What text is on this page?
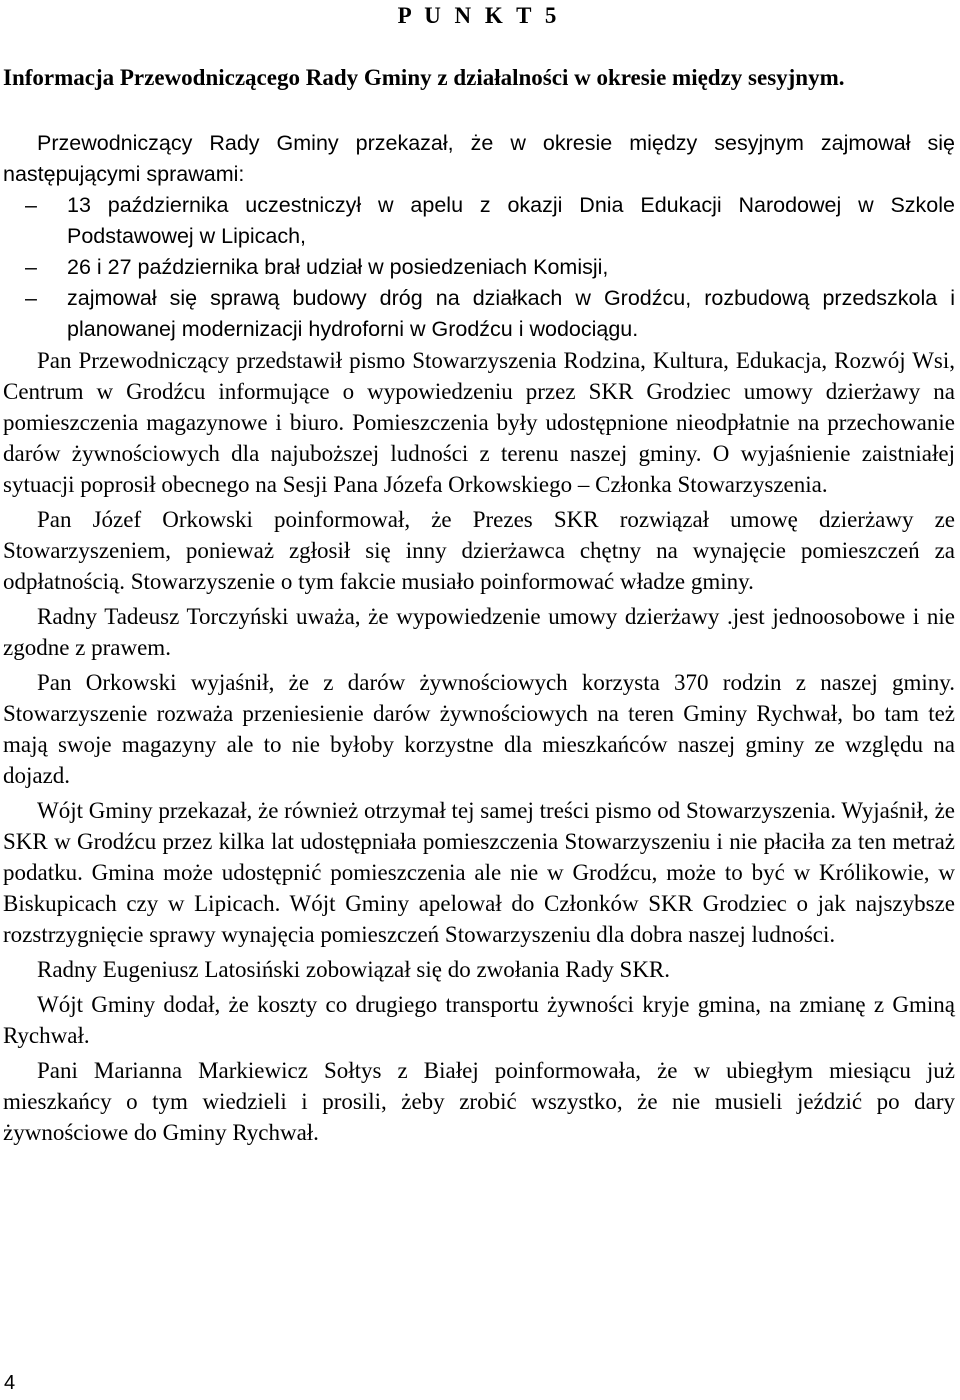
P U N K T 5
Informacja Przewodniczącego Rady Gminy z działalności w okresie między sesyjnym.

Przewodniczący Rady Gminy przekazał, że w okresie między sesyjnym zajmował się następującymi sprawami:

– 13 października uczestniczył w apelu z okazji Dnia Edukacji Narodowej w Szkole Podstawowej w Lipicach,
– 26 i 27 października brał udział w posiedzeniach Komisji,
– zajmował się sprawą budowy dróg na działkach w Grodźcu, rozbudową przedszkola i planowanej modernizacji hydroforni w Grodźcu i wodociągu.

Pan Przewodniczący przedstawił pismo Stowarzyszenia Rodzina, Kultura, Edukacja, Rozwój Wsi, Centrum w Grodźcu informujące o wypowiedzeniu przez SKR Grodziec umowy dzierżawy na pomieszczenia magazynowe i biuro. Pomieszczenia były udostępnione nieodpłatnie na przechowanie darów żywnościowych dla najuboższej ludności z terenu naszej gminy. O wyjaśnienie zaistniałej sytuacji poprosił obecnego na Sesji Pana Józefa Orkowskiego – Członka Stowarzyszenia.

Pan Józef Orkowski poinformował, że Prezes SKR rozwiązał umowę dzierżawy ze Stowarzyszeniem, ponieważ zgłosił się inny dzierżawca chętny na wynajęcie pomieszczeń za odpłatnością. Stowarzyszenie o tym fakcie musiało poinformować władze gminy.

Radny Tadeusz Torczyński uważa, że wypowiedzenie umowy dzierżawy .jest jednoosobowe i nie zgodne z prawem.

Pan Orkowski wyjaśnił, że z darów żywnościowych korzysta 370 rodzin z naszej gminy. Stowarzyszenie rozważa przeniesienie darów żywnościowych na teren Gminy Rychwał, bo tam też mają swoje magazyny ale to nie byłoby korzystne dla mieszkańców naszej gminy ze względu na dojazd.

Wójt Gminy przekazał, że również otrzymał tej samej treści pismo od Stowarzyszenia. Wyjaśnił, że SKR w Grodźcu przez kilka lat udostępniała pomieszczenia Stowarzyszeniu i nie płaciła za ten metraż podatku. Gmina może udostępnić pomieszczenia ale nie w Grodźcu, może to być w Królikowie, w Biskupicach czy w Lipicach. Wójt Gminy apelował do Członków SKR Grodziec o jak najszybsze rozstrzygnięcie sprawy wynajęcia pomieszczeń Stowarzyszeniu dla dobra naszej ludności.

Radny Eugeniusz Latosiński zobowiązał się do zwołania Rady SKR.

Wójt Gminy dodał, że koszty co drugiego transportu żywności kryje gmina, na zmianę z Gminą Rychwał.

Pani Marianna Markiewicz Sołtys z Białej poinformowała, że w ubiegłym miesiącu już mieszkańcy o tym wiedzieli i prosili, żeby zrobić wszystko, że nie musieli jeździć po dary żywnościowe do Gminy Rychwał.

4
